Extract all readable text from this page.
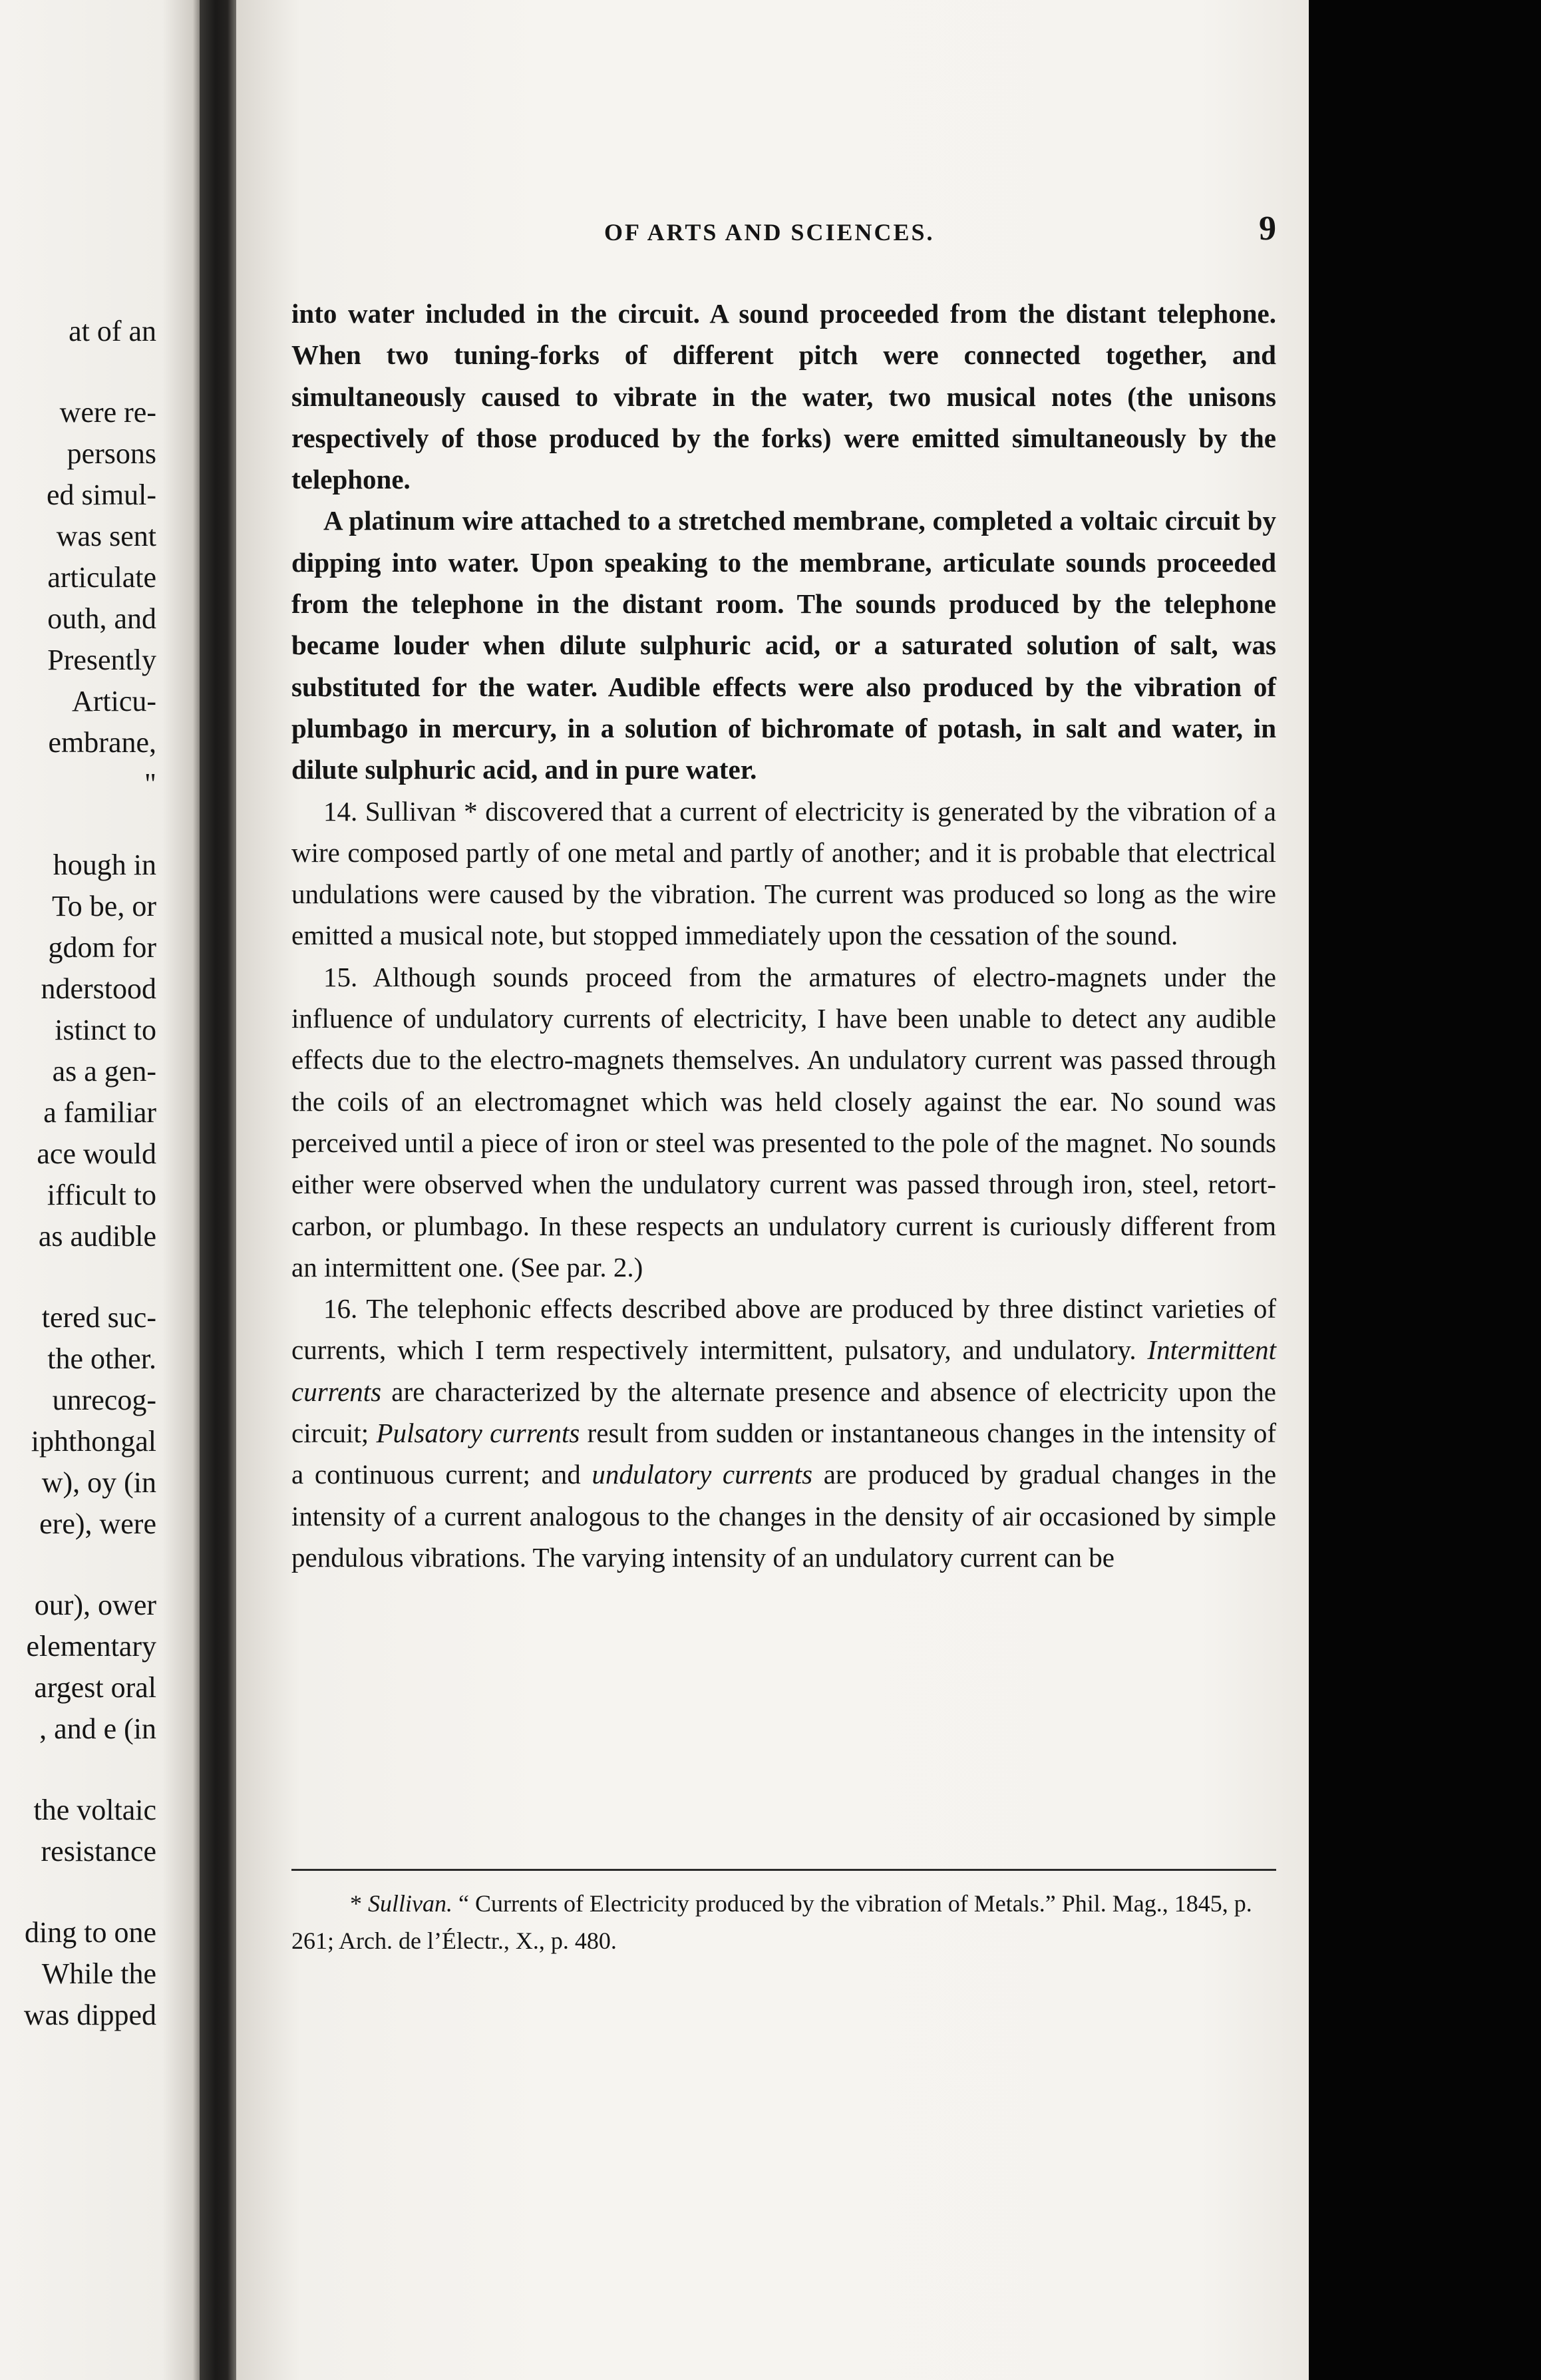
at of an
were re-
persons
ed simul-
was sent
articulate
outh, and
Presently
Articu-
embrane,
"
hough in
To be, or
gdom for
nderstood
istinct to
as a gen-
a familiar
ace would
ifficult to
as audible
tered suc-
the other.
unrecog-
iphthongal
w), oy (in
ere), were
our), ower
elementary
argest oral
, and e (in
the voltaic
resistance
ding to one
While the
was dipped
OF ARTS AND SCIENCES.	9

into water included in the circuit. A sound proceeded from the distant telephone. When two tuning-forks of different pitch were connected together, and simultaneously caused to vibrate in the water, two musical notes (the unisons respectively of those produced by the forks) were emitted simultaneously by the telephone.

A platinum wire attached to a stretched membrane, completed a voltaic circuit by dipping into water. Upon speaking to the membrane, articulate sounds proceeded from the telephone in the distant room. The sounds produced by the telephone became louder when dilute sulphuric acid, or a saturated solution of salt, was substituted for the water. Audible effects were also produced by the vibration of plumbago in mercury, in a solution of bichromate of potash, in salt and water, in dilute sulphuric acid, and in pure water.

14. Sullivan * discovered that a current of electricity is generated by the vibration of a wire composed partly of one metal and partly of another; and it is probable that electrical undulations were caused by the vibration. The current was produced so long as the wire emitted a musical note, but stopped immediately upon the cessation of the sound.

15. Although sounds proceed from the armatures of electro-magnets under the influence of undulatory currents of electricity, I have been unable to detect any audible effects due to the electro-magnets themselves. An undulatory current was passed through the coils of an electromagnet which was held closely against the ear. No sound was perceived until a piece of iron or steel was presented to the pole of the magnet. No sounds either were observed when the undulatory current was passed through iron, steel, retort-carbon, or plumbago. In these respects an undulatory current is curiously different from an intermittent one. (See par. 2.)

16. The telephonic effects described above are produced by three distinct varieties of currents, which I term respectively intermittent, pulsatory, and undulatory. Intermittent currents are characterized by the alternate presence and absence of electricity upon the circuit; Pulsatory currents result from sudden or instantaneous changes in the intensity of a continuous current; and undulatory currents are produced by gradual changes in the intensity of a current analogous to the changes in the density of air occasioned by simple pendulous vibrations. The varying intensity of an undulatory current can be

* Sullivan. “ Currents of Electricity produced by the vibration of Metals.” Phil. Mag., 1845, p. 261; Arch. de l’Électr., X., p. 480.
